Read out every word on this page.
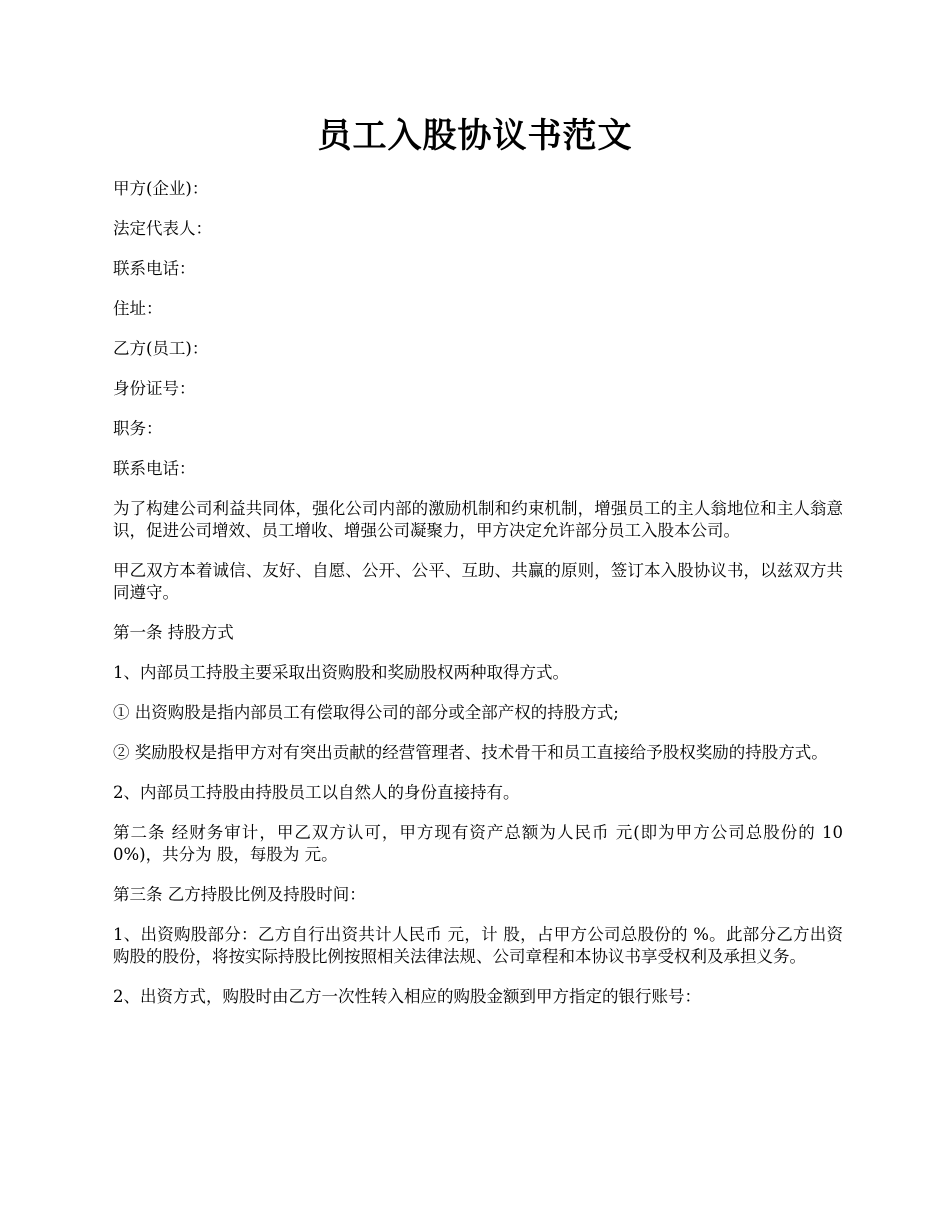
员工入股协议书范文

甲方(企业)：

法定代表人：

联系电话：

住址：

乙方(员工)：

身份证号：

职务：

联系电话：

为了构建公司利益共同体，强化公司内部的激励机制和约束机制，增强员工的主人翁地位和主人翁意识，促进公司增效、员工增收、增强公司凝聚力，甲方决定允许部分员工入股本公司。

甲乙双方本着诚信、友好、自愿、公开、公平、互助、共赢的原则，签订本入股协议书，以兹双方共同遵守。

第一条 持股方式

1、内部员工持股主要采取出资购股和奖励股权两种取得方式。

① 出资购股是指内部员工有偿取得公司的部分或全部产权的持股方式;

② 奖励股权是指甲方对有突出贡献的经营管理者、技术骨干和员工直接给予股权奖励的持股方式。

2、内部员工持股由持股员工以自然人的身份直接持有。

第二条 经财务审计，甲乙双方认可，甲方现有资产总额为人民币 元(即为甲方公司总股份的 100%)，共分为 股，每股为 元。

第三条 乙方持股比例及持股时间：

1、出资购股部分：乙方自行出资共计人民币 元，计 股，占甲方公司总股份的 %。此部分乙方出资购股的股份，将按实际持股比例按照相关法律法规、公司章程和本协议书享受权利及承担义务。

2、出资方式，购股时由乙方一次性转入相应的购股金额到甲方指定的银行账号：
